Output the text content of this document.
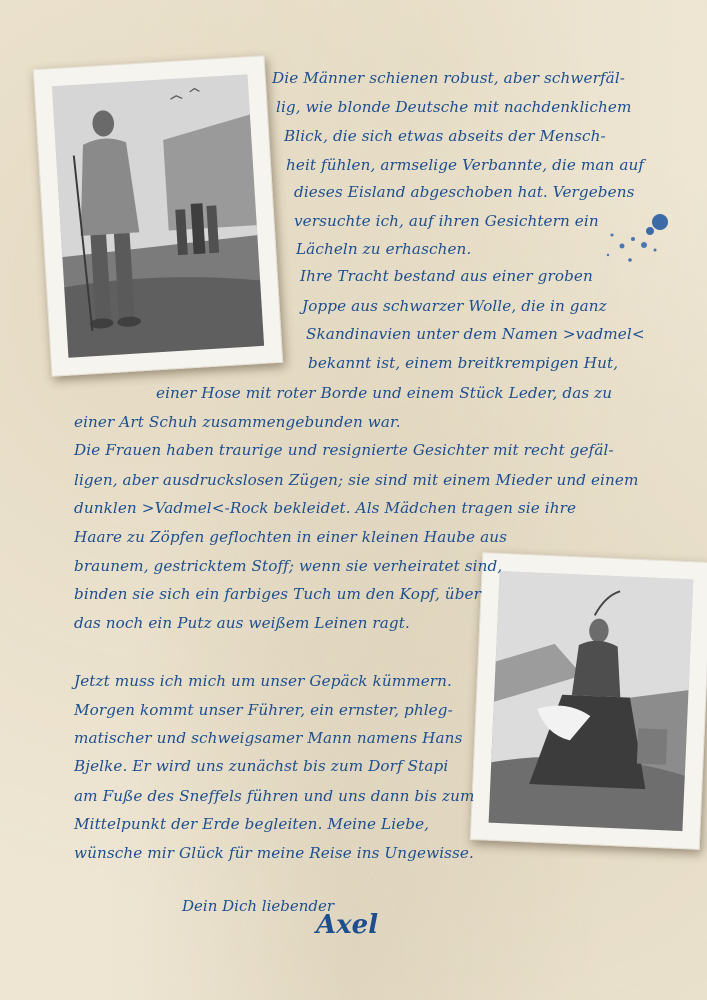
Die Männer schienen robust, aber schwerfäl-
lig, wie blonde Deutsche mit nachdenklichem
Blick, die sich etwas abseits der Mensch-
heit fühlen, armselige Verbannte, die man auf
dieses Eisland abgeschoben hat. Vergebens
versuchte ich, auf ihren Gesichtern ein
Lächeln zu erhaschen.
Ihre Tracht bestand aus einer groben
Joppe aus schwarzer Wolle, die in ganz
Skandinavien unter dem Namen >vadmel<
bekannt ist, einem breitkrempigen Hut,
einer Hose mit roter Borde und einem Stück Leder, das zu
einer Art Schuh zusammengebunden war.
Die Frauen haben traurige und resignierte Gesichter mit recht gefäl-
ligen, aber ausdruckslosen Zügen; sie sind mit einem Mieder und einem
dunklen >Vadmel<-Rock bekleidet. Als Mädchen tragen sie ihre
Haare zu Zöpfen geflochten in einer kleinen Haube aus
braunem, gestricktem Stoff; wenn sie verheiratet sind,
binden sie sich ein farbiges Tuch um den Kopf, über
das noch ein Putz aus weißem Leinen ragt.
Jetzt muss ich mich um unser Gepäck kümmern.
Morgen kommt unser Führer, ein ernster, phleg-
matischer und schweigsamer Mann namens Hans
Bjelke. Er wird uns zunächst bis zum Dorf Stapi
am Fuße des Sneffels führen und uns dann bis zum
Mittelpunkt der Erde begleiten. Meine Liebe,
wünsche mir Glück für meine Reise ins Ungewisse.
Dein Dich liebender
Axel
